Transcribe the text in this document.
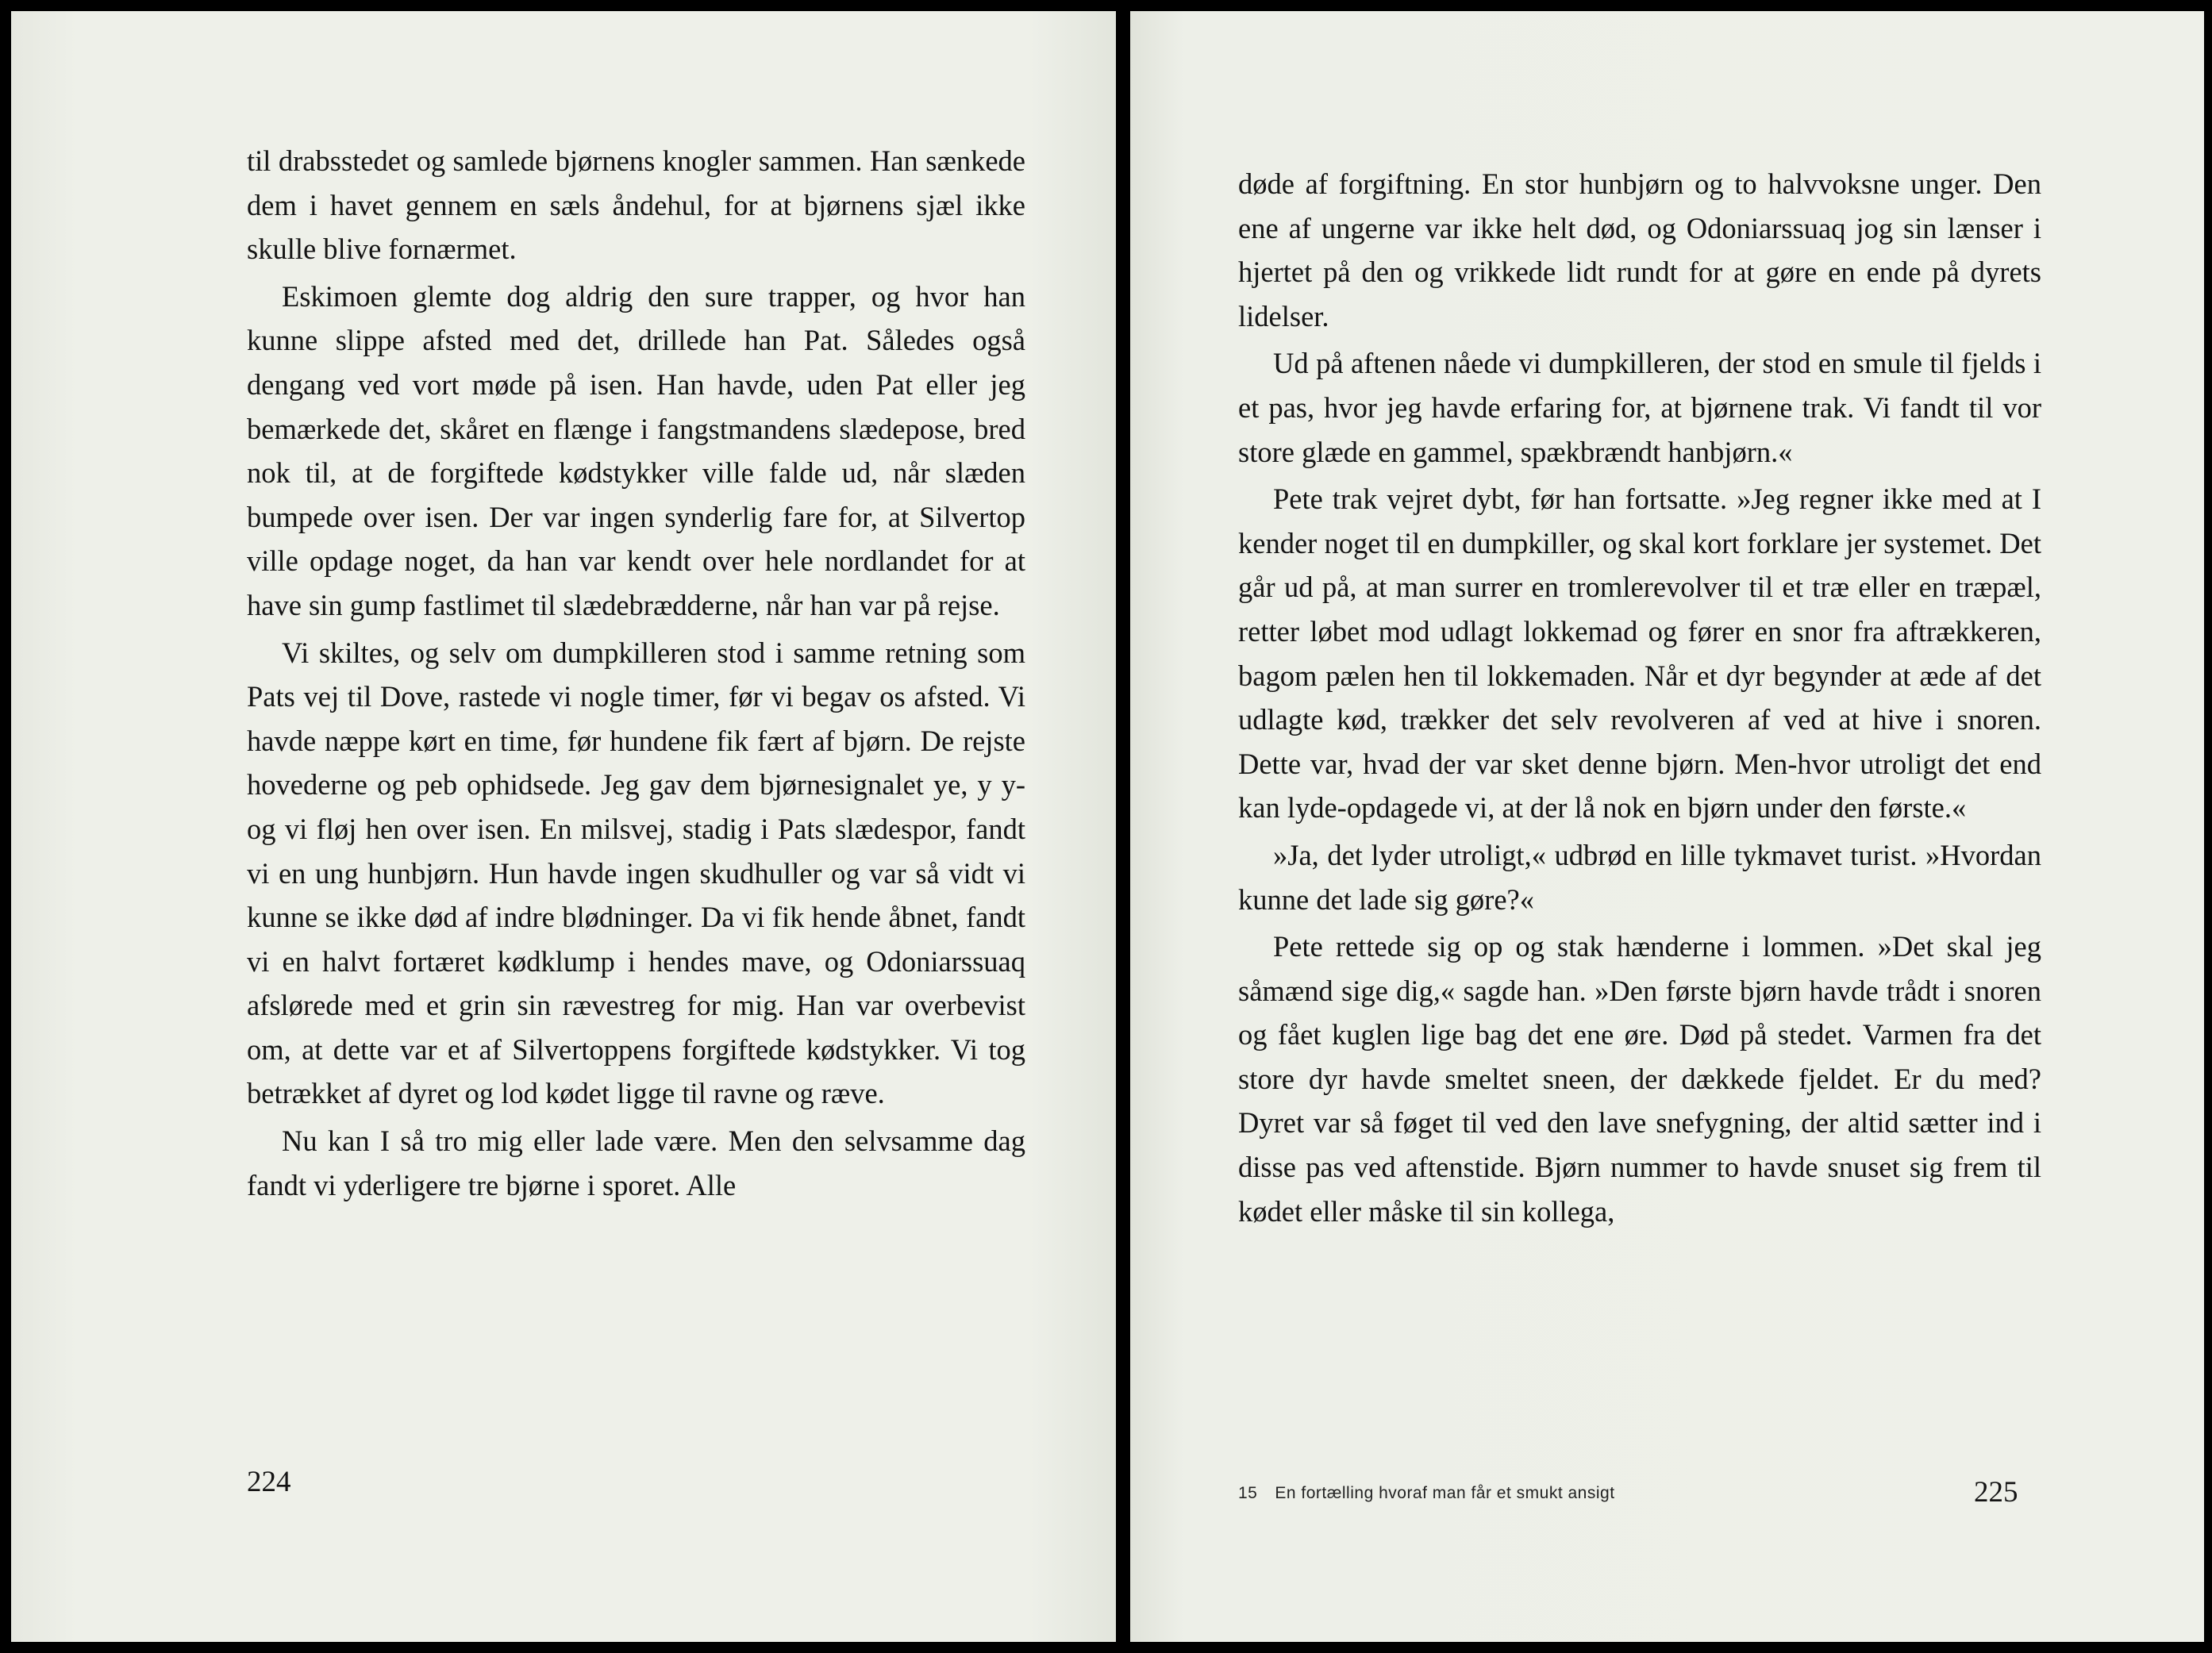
til drabsstedet og samlede bjørnens knogler sammen. Han sænkede dem i havet gennem en sæls åndehul, for at bjørnens sjæl ikke skulle blive fornærmet.

Eskimoen glemte dog aldrig den sure trapper, og hvor han kunne slippe afsted med det, drillede han Pat. Således også dengang ved vort møde på isen. Han havde, uden Pat eller jeg bemærkede det, skåret en flænge i fangstmandens slædepose, bred nok til, at de forgiftede kødstykker ville falde ud, når slæden bumpede over isen. Der var ingen synderlig fare for, at Silvertop ville opdage noget, da han var kendt over hele nordlandet for at have sin gump fastlimet til slædebrædderne, når han var på rejse.

Vi skiltes, og selv om dumpkilleren stod i samme retning som Pats vej til Dove, rastede vi nogle timer, før vi begav os afsted. Vi havde næppe kørt en time, før hundene fik fært af bjørn. De rejste hovederne og peb ophidsede. Jeg gav dem bjørnesignalet ye, y y-og vi fløj hen over isen. En milsvej, stadig i Pats slædespor, fandt vi en ung hunbjørn. Hun havde ingen skudhuller og var så vidt vi kunne se ikke død af indre blødninger. Da vi fik hende åbnet, fandt vi en halvt fortæret kødklump i hendes mave, og Odoniarssuaq afslørede med et grin sin rævestreg for mig. Han var overbevist om, at dette var et af Silvertoppens forgiftede kødstykker. Vi tog betrækket af dyret og lod kødet ligge til ravne og ræve.

Nu kan I så tro mig eller lade være. Men den selvsamme dag fandt vi yderligere tre bjørne i sporet. Alle

224

døde af forgiftning. En stor hunbjørn og to halvvoksne unger. Den ene af ungerne var ikke helt død, og Odoniarssuaq jog sin lænser i hjertet på den og vrikkede lidt rundt for at gøre en ende på dyrets lidelser.

Ud på aftenen nåede vi dumpkilleren, der stod en smule til fjelds i et pas, hvor jeg havde erfaring for, at bjørnene trak. Vi fandt til vor store glæde en gammel, spækbrændt hanbjørn.«

Pete trak vejret dybt, før han fortsatte. »Jeg regner ikke med at I kender noget til en dumpkiller, og skal kort forklare jer systemet. Det går ud på, at man surrer en tromlerevolver til et træ eller en træpæl, retter løbet mod udlagt lokkemad og fører en snor fra aftrækkeren, bagom pælen hen til lokkemaden. Når et dyr begynder at æde af det udlagte kød, trækker det selv revolveren af ved at hive i snoren. Dette var, hvad der var sket denne bjørn. Men-hvor utroligt det end kan lyde-opdagede vi, at der lå nok en bjørn under den første.«

»Ja, det lyder utroligt,« udbrød en lille tykmavet turist. »Hvordan kunne det lade sig gøre?«

Pete rettede sig op og stak hænderne i lommen. »Det skal jeg såmænd sige dig,« sagde han. »Den første bjørn havde trådt i snoren og fået kuglen lige bag det ene øre. Død på stedet. Varmen fra det store dyr havde smeltet sneen, der dækkede fjeldet. Er du med? Dyret var så føget til ved den lave snefygning, der altid sætter ind i disse pas ved aftenstide. Bjørn nummer to havde snuset sig frem til kødet eller måske til sin kollega,

15 En fortælling hvoraf man får et smukt ansigt	225
